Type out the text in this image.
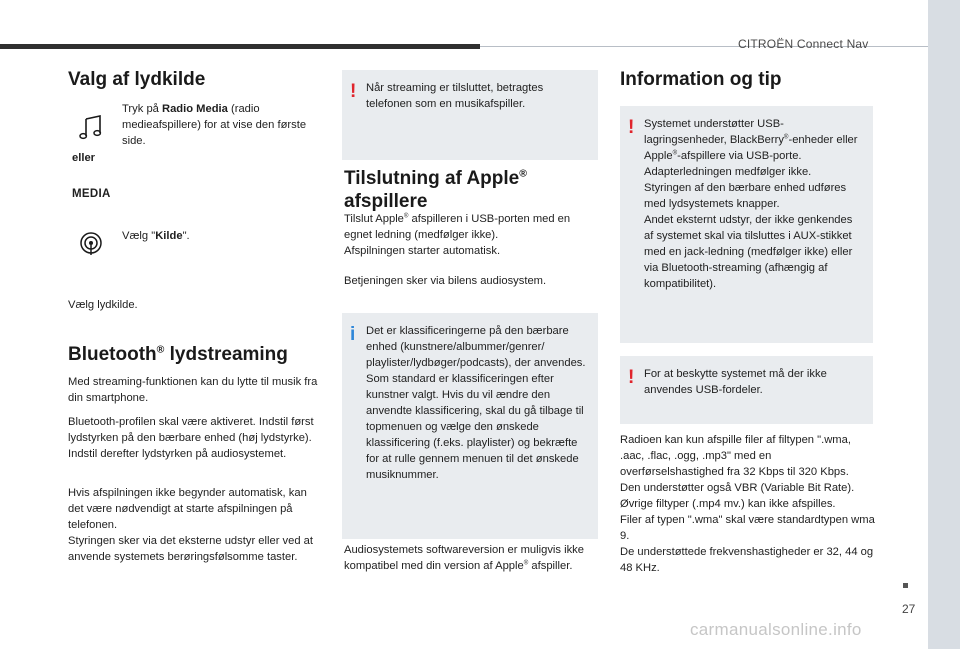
CITROËN Connect Nav
27
carmanualsonline.info
Valg af lydkilde

Tryk på Radio Media (radio medieafspillere) for at vise den første side.

eller
MEDIA

Vælg "Kilde".

Vælg lydkilde.

Bluetooth® lydstreaming

Med streaming-funktionen kan du lytte til musik fra din smartphone.

Bluetooth-profilen skal være aktiveret. Indstil først lydstyrken på den bærbare enhed (høj lydstyrke).

Indstil derefter lydstyrken på audiosystemet.

Hvis afspilningen ikke begynder automatisk, kan det være nødvendigt at starte afspilningen på telefonen.

Styringen sker via det eksterne udstyr eller ved at anvende systemets berøringsfølsomme taster.

! Når streaming er tilsluttet, betragtes telefonen som en musikafspiller.
Tilslutning af Apple®
afspillere

Tilslut Apple® afspilleren i USB-porten med en egnet ledning (medfølger ikke).

Afspilningen starter automatisk.

Betjeningen sker via bilens audiosystem.

i Det er klassificeringerne på den bærbare enhed (kunstnere/albummer/genrer/ playlister/lydbøger/podcasts), der anvendes.
Som standard er klassificeringen efter kunstner valgt. Hvis du vil ændre den anvendte klassificering, skal du gå tilbage til topmenuen og vælge den ønskede klassificering (f.eks. playlister) og bekræfte for at rulle gennem menuen til det ønskede musiknummer.

Audiosystemets softwareversion er muligvis ikke kompatibel med din version af Apple® afspiller.

Information og tip
! Systemet understøtter USB-lagringsenheder, BlackBerry®-enheder eller Apple®-afspillere via USB-porte. Adapterledningen medfølger ikke.
Styringen af den bærbare enhed udføres med lydsystemets knapper.
Andet eksternt udstyr, der ikke genkendes af systemet skal via tilsluttes i AUX-stikket med en jack-ledning (medfølger ikke) eller via Bluetooth-streaming (afhængig af kompatibilitet).
! For at beskytte systemet må der ikke anvendes USB-fordeler.

Radioen kan kun afspille filer af filtypen ".wma, .aac, .flac, .ogg, .mp3" med en overførselshastighed fra 32 Kbps til 320 Kbps.

Den understøtter også VBR (Variable Bit Rate).

Øvrige filtyper (.mp4 mv.) kan ikke afspilles.

Filer af typen ".wma" skal være standardtypen wma 9.

De understøttede frekvenshastigheder er 32, 44 og 48 KHz.
